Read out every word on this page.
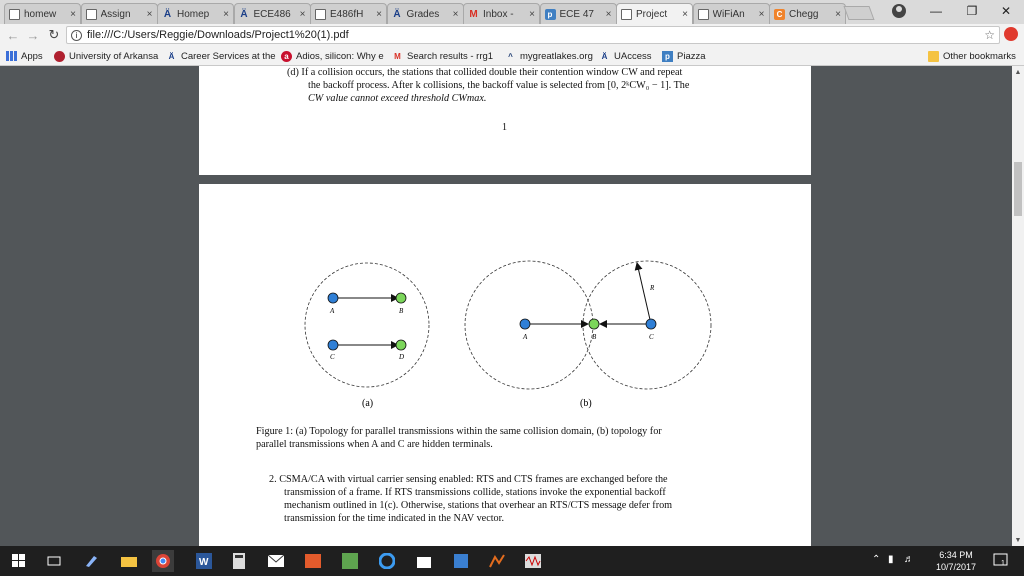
homew	× Assign	× Ä Homep	× Ä ECE486 × E486fH	× Ä Grades	× M Inbox -	×	p ECE 47	× Project	× WiFiAn	×	C Chegg	×	—	❐	✕
← → ↻	i file:///C:/Users/Reggie/Downloads/Project1%20(1).pdf	☆
Apps	University of Arkansa	Ä Career Services at the	a Adios, silicon: Why e M Search results - rrg1	^ mygreatlakes.org	Ä UAccess	p Piazza	Other bookmarks
(d) If a collision occurs, the stations that collided double their contention window CW and repeat
the backoff process. After k collisions, the backoff value is selected from [0, 2ᵏCW₀ − 1]. The
CW value cannot exceed threshold CWmax.
1
A	B
C	D
A	B	C
R
(a)	(b)
Figure 1: (a) Topology for parallel transmissions within the same collision domain, (b) topology for
parallel transmissions when A and C are hidden terminals.
2. CSMA/CA with virtual carrier sensing enabled: RTS and CTS frames are exchanged before the
transmission of a frame. If RTS transmissions collide, stations invoke the exponential backoff
mechanism outlined in 1(c). Otherwise, stations that overhear an RTS/CTS message defer from
transmission for the time indicated in the NAV vector.
▲
▼
W	⌃ ▮ ♬	6:34 PM
10/7/2017	1
